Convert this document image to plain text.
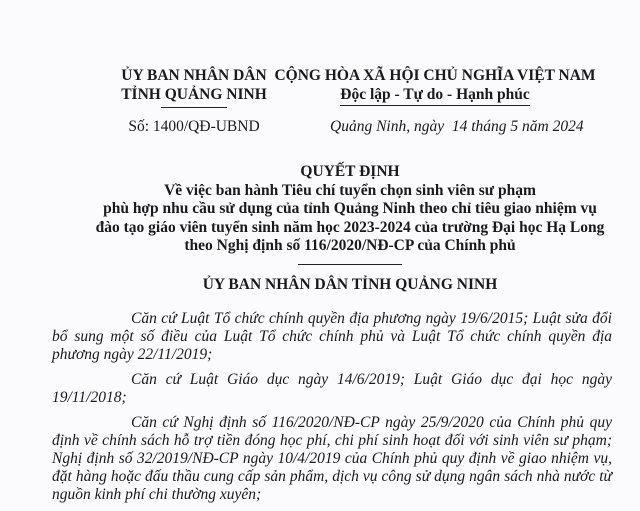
ỦY BAN NHÂN DÂN
TỈNH QUẢNG NINH
CỘNG HÒA XÃ HỘI CHỦ NGHĨA VIỆT NAM
Độc lập - Tự do - Hạnh phúc
Số: 1400/QĐ-UBND	Quảng Ninh, ngày  14 tháng 5 năm 2024
QUYẾT ĐỊNH
Về việc ban hành Tiêu chí tuyển chọn sinh viên sư phạm
phù hợp nhu cầu sử dụng của tỉnh Quảng Ninh theo chỉ tiêu giao nhiệm vụ
đào tạo giáo viên tuyển sinh năm học 2023-2024 của trường Đại học Hạ Long
theo Nghị định số 116/2020/NĐ-CP của Chính phủ
ỦY BAN NHÂN DÂN TỈNH QUẢNG NINH

Căn cứ Luật Tổ chức chính quyền địa phương ngày 19/6/2015; Luật sửa đổi bổ sung một số điều của Luật Tổ chức chính phủ và Luật Tổ chức chính quyền địa phương ngày 22/11/2019;

Căn cứ Luật Giáo dục ngày 14/6/2019; Luật Giáo dục đại học ngày 19/11/2018;

Căn cứ Nghị định số 116/2020/NĐ-CP ngày 25/9/2020 của Chính phủ quy định về chính sách hỗ trợ tiền đóng học phí, chi phí sinh hoạt đối với sinh viên sư phạm; Nghị định số 32/2019/NĐ-CP ngày 10/4/2019 của Chính phủ quy định về giao nhiệm vụ, đặt hàng hoặc đấu thầu cung cấp sản phẩm, dịch vụ công sử dụng ngân sách nhà nước từ nguồn kinh phí chi thường xuyên;
